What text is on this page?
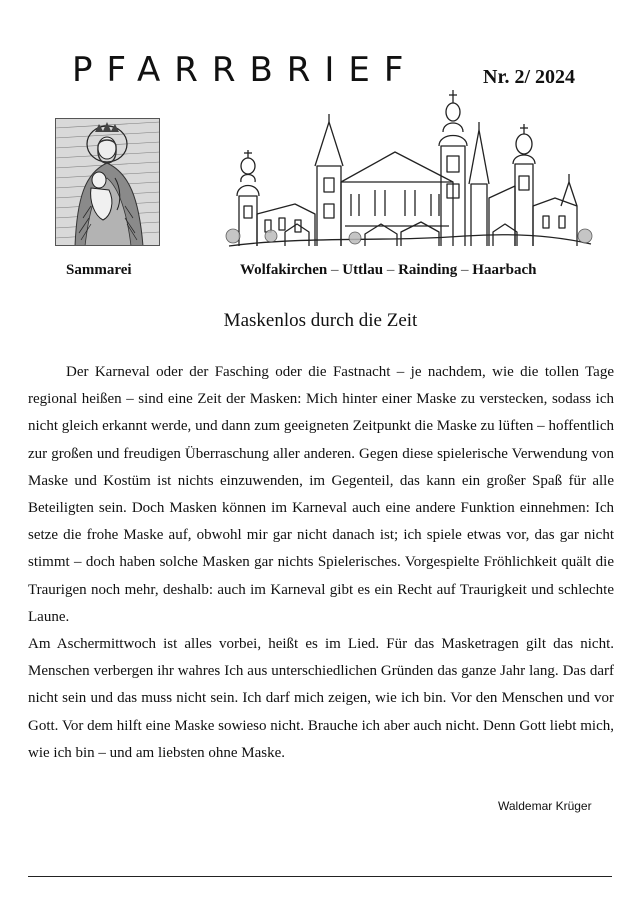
PFARRBRIEF	Nr. 2/ 2024
Sammarei	Wolfakirchen – Uttlau – Rainding – Haarbach
Maskenlos durch die Zeit

Der Karneval oder der Fasching oder die Fastnacht – je nachdem, wie die tollen Tage regional heißen – sind eine Zeit der Masken: Mich hinter einer Maske zu verstecken, sodass ich nicht gleich erkannt werde, und dann zum geeigneten Zeitpunkt die Maske zu lüften – hoffentlich zur großen und freudigen Überraschung aller anderen. Gegen diese spielerische Verwendung von Maske und Kostüm ist nichts einzuwenden, im Gegenteil, das kann ein großer Spaß für alle Beteiligten sein. Doch Masken können im Karneval auch eine andere Funktion einnehmen: Ich setze die frohe Maske auf, obwohl mir gar nicht danach ist; ich spiele etwas vor, das gar nicht stimmt – doch haben solche Masken gar nichts Spielerisches. Vorgespielte Fröhlichkeit quält die Traurigen noch mehr, deshalb: auch im Karneval gibt es ein Recht auf Traurigkeit und schlechte Laune.

Am Aschermittwoch ist alles vorbei, heißt es im Lied. Für das Masketragen gilt das nicht. Menschen verbergen ihr wahres Ich aus unterschiedlichen Gründen das ganze Jahr lang. Das darf nicht sein und das muss nicht sein. Ich darf mich zeigen, wie ich bin. Vor den Menschen und vor Gott. Vor dem hilft eine Maske sowieso nicht. Brauche ich aber auch nicht. Denn Gott liebt mich, wie ich bin – und am liebsten ohne Maske.

Waldemar Krüger
